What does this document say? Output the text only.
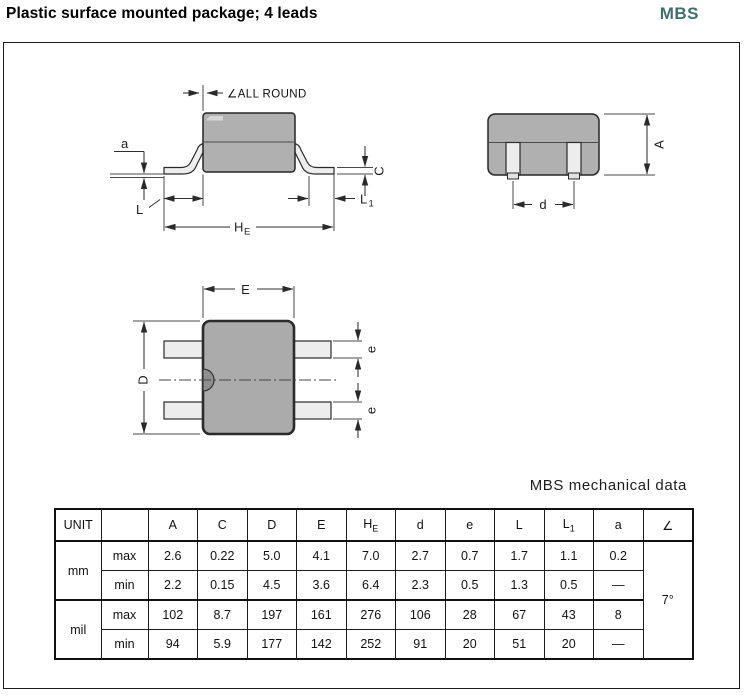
Plastic surface mounted package; 4 leads	MBS
∠ALL ROUND
a
L
L 1
C
H E
A
d
E
D
e
e
MBS mechanical data
UNIT		A	C	D	E	$H_E$	d	e	L	$L_1$	a	∠
mm	max	2.6	0.22	5.0	4.1	7.0	2.7	0.7	1.7	1.1	0.2	7°
	min	2.2	0.15	4.5	3.6	6.4	2.3	0.5	1.3	0.5	—	
mil	max	102	8.7	197	161	276	106	28	67	43	8	
	min	94	5.9	177	142	252	91	20	51	20	—	
